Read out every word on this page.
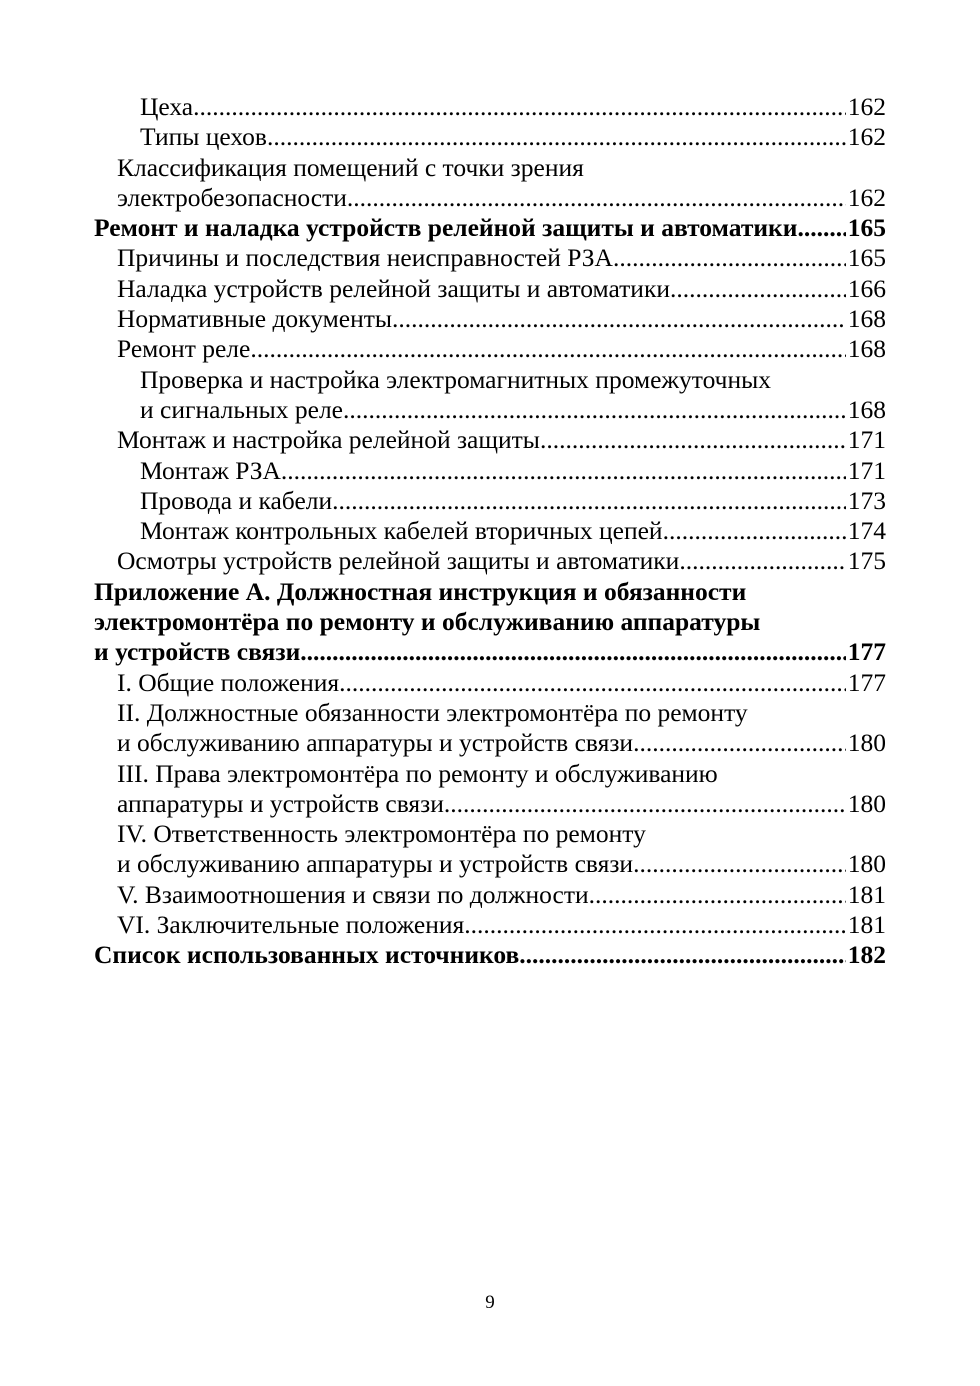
Цеха .....	162
Типы цехов .....	162
Классификация помещений с точки зрения
электробезопасности .....	162
Ремонт и наладка устройств релейной защиты и автоматики ..... 165
Причины и последствия неисправностей РЗА .....	165
Наладка устройств релейной защиты и автоматики .....	166
Нормативные документы .....	168
Ремонт реле .....	168
Проверка и настройка электромагнитных промежуточных
и сигнальных реле .....	168
Монтаж и настройка релейной защиты .....	171
Монтаж РЗА .....	171
Провода и кабели .....	173
Монтаж контрольных кабелей вторичных цепей .....	174
Осмотры устройств релейной защиты и автоматики .....	175
Приложение А. Должностная инструкция и обязанности
электромонтёра по ремонту и обслуживанию аппаратуры
и устройств связи .....	177
I. Общие положения .....	177
II. Должностные обязанности электромонтёра по ремонту
и обслуживанию аппаратуры и устройств связи .....	180
III. Права электромонтёра по ремонту и обслуживанию
аппаратуры и устройств связи .....	180
IV. Ответственность электромонтёра по ремонту
и обслуживанию аппаратуры и устройств связи .....	180
V. Взаимоотношения и связи по должности .....	181
VI. Заключительные положения .....	181
Список использованных источников .....	182
9
